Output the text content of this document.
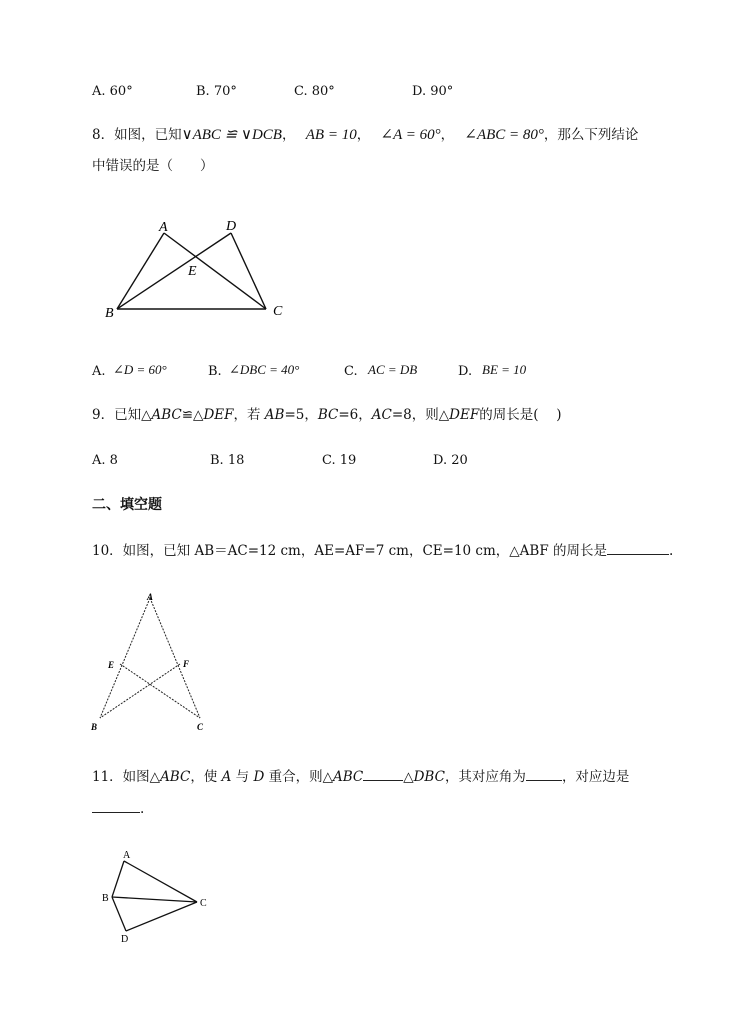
A. 60°	B. 70°	C. 80°	D. 90°
8．如图，已知∨ABC ≌ ∨DCB， AB = 10， ∠A = 60°， ∠ABC = 80°，那么下列结论
中错误的是（　　）
A	D
E
B	C
A. ∠D = 60°	B. ∠DBC = 40°	C. AC = DB	D. BE = 10
9．已知△ABC≌△DEF，若 AB=5，BC=6，AC=8，则△DEF的周长是(　 )
A. 8	B. 18	C. 19	D. 20
二、填空题
10．如图，已知 AB＝AC=12 cm，AE=AF=7 cm，CE=10 cm，△ABF 的周长是	.
A
E	F
B	C
11．如图△ABC，使 A 与 D 重合，则△ABC	△DBC，其对应角为	，对应边是
.
A
B	C
D
